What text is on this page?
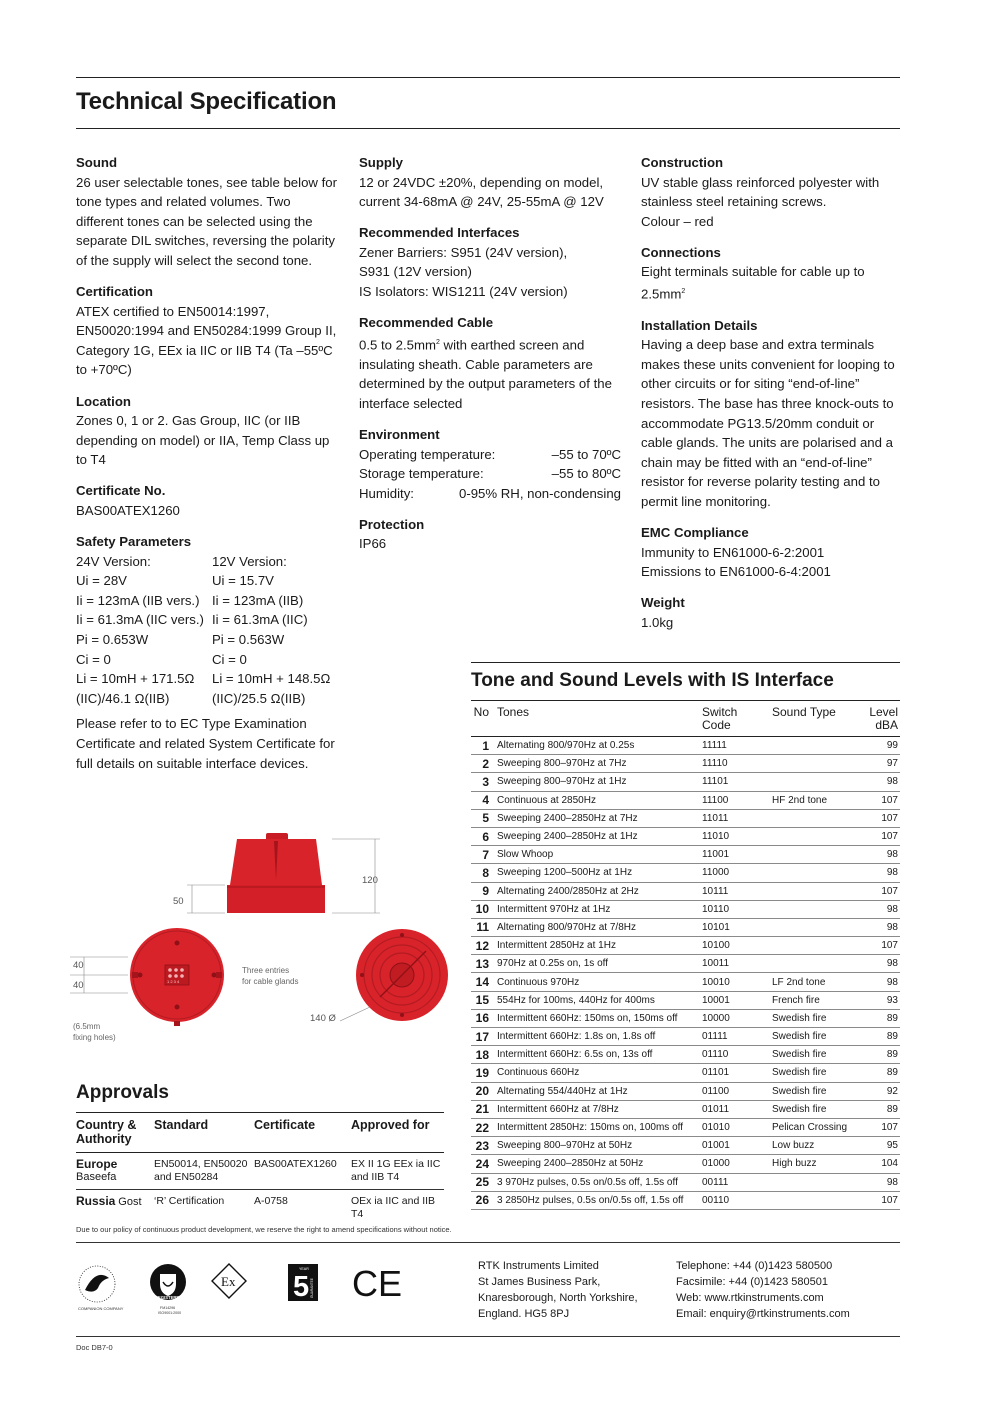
Technical Specification
Sound

26 user selectable tones, see table below for tone types and related volumes. Two different tones can be selected using the separate DIL switches, reversing the polarity of the supply will select the second tone.

Certification

ATEX certified to EN50014:1997, EN50020:1994 and EN50284:1999 Group II, Category 1G, EEx ia IIC or IIB T4 (Ta –55ºC to +70ºC)

Location

Zones 0, 1 or 2. Gas Group, IIC (or IIB depending on model) or IIA, Temp Class up to T4

Certificate No.

BAS00ATEX1260

Safety Parameters
24V Version:	12V Version:
Ui = 28V	Ui = 15.7V
Ii = 123mA (IIB vers.) Ii = 123mA (IIB)
Ii = 61.3mA (IIC vers.) Ii = 61.3mA (IIC)
Pi = 0.653W	Pi = 0.563W
Ci = 0	Ci = 0
Li = 10mH + 171.5Ω	Li = 10mH + 148.5Ω
(IIC)/46.1 Ω(IIB)	(IIC)/25.5 Ω(IIB)

Please refer to to EC Type Examination Certificate and related System Certificate for full details on suitable interface devices.

Supply

12 or 24VDC ±20%, depending on model, current 34-68mA @ 24V, 25-55mA @ 12V

Recommended Interfaces

Zener Barriers: S951 (24V version),

S931 (12V version)

IS Isolators: WIS1211 (24V version)

Recommended Cable

0.5 to $2.5mm^2$ with earthed screen and insulating sheath. Cable parameters are determined by the output parameters of the interface selected

Environment
Operating temperature:	–55 to 70ºC
Storage temperature:	–55 to 80ºC
Humidity:	0-95% RH, non-condensing
Protection

IP66

Construction

UV stable glass reinforced polyester with stainless steel retaining screws.

Colour – red

Connections

Eight terminals suitable for cable up to $2.5mm^2$

Installation Details

Having a deep base and extra terminals makes these units convenient for looping to other circuits or for siting “end-of-line” resistors. The base has three knock-outs to accommodate PG13.5/20mm conduit or cable glands. The units are polarised and a chain may be fitted with an “end-of-line” resistor for reverse polarity testing and to permit line monitoring.

EMC Compliance

Immunity to EN61000-6-2:2001

Emissions to EN61000-6-4:2001

Weight

1.0kg

120
50
1 2 3 4
40
40
(6.5mm
fixing holes)
Three entries
for cable glands
140 Ø
Approvals
Country & Authority	Standard	Certificate	Approved for

Europe
Baseefa	EN50014, EN50020 and EN50284	BAS00ATEX1260	EX II 1G EEx ia IIC and IIB T4
Russia Gost	‘R’ Certification	A-0758	OEx ia IIC and IIB T4
Tone and Sound Levels with IS Interface
No	Tones	Switch Code	Sound Type	Level dBA
1	Alternating 800/970Hz at 0.25s	11111		99
2	Sweeping 800–970Hz at 7Hz	11110		97
3	Sweeping 800–970Hz at 1Hz	11101		98
4	Continuous at 2850Hz	11100	HF 2nd tone	107
5	Sweeping 2400–2850Hz at 7Hz	11011		107
6	Sweeping 2400–2850Hz at 1Hz	11010		107
7	Slow Whoop	11001		98
8	Sweeping 1200–500Hz at 1Hz	11000		98
9	Alternating 2400/2850Hz at 2Hz	10111		107
10	Intermittent 970Hz at 1Hz	10110		98
11	Alternating 800/970Hz at 7/8Hz	10101		98
12	Intermittent 2850Hz at 1Hz	10100		107
13	970Hz at 0.25s on, 1s off	10011		98
14	Continuous 970Hz	10010	LF 2nd tone	98
15	554Hz for 100ms, 440Hz for 400ms	10001	French fire	93
16	Intermittent 660Hz: 150ms on, 150ms off	10000	Swedish fire	89
17	Intermittent 660Hz: 1.8s on, 1.8s off	01111	Swedish fire	89
18	Intermittent 660Hz: 6.5s on, 13s off	01110	Swedish fire	89
19	Continuous 660Hz	01101	Swedish fire	89
20	Alternating 554/440Hz at 1Hz	01100	Swedish fire	92
21	Intermittent 660Hz at 7/8Hz	01011	Swedish fire	89
22	Intermittent 2850Hz: 150ms on, 100ms off	01010	Pelican Crossing	107
23	Sweeping 800–970Hz at 50Hz	01001	Low buzz	95
24	Sweeping 2400–2850Hz at 50Hz	01000	High buzz	104
25	3 970Hz pulses, 0.5s on/0.5s off, 1.5s off	00111		98
26	3 2850Hz pulses, 0.5s on/0.5s off, 1.5s off	00110		107
Due to our policy of continuous product development, we reserve the right to amend specifications without notice.
COMPANION COMPANY
REGISTERED
FM14296
ISO9001:2000
Ex
YEAR
5 GUARANTEE CE	RTK Instruments Limited
St James Business Park,
Knaresborough, North Yorkshire,
England. HG5 8PJ
Telephone: +44 (0)1423 580500
Facsimile: +44 (0)1423 580501
Web: www.rtkinstruments.com
Email: enquiry@rtkinstruments.com
Doc DB7-0
